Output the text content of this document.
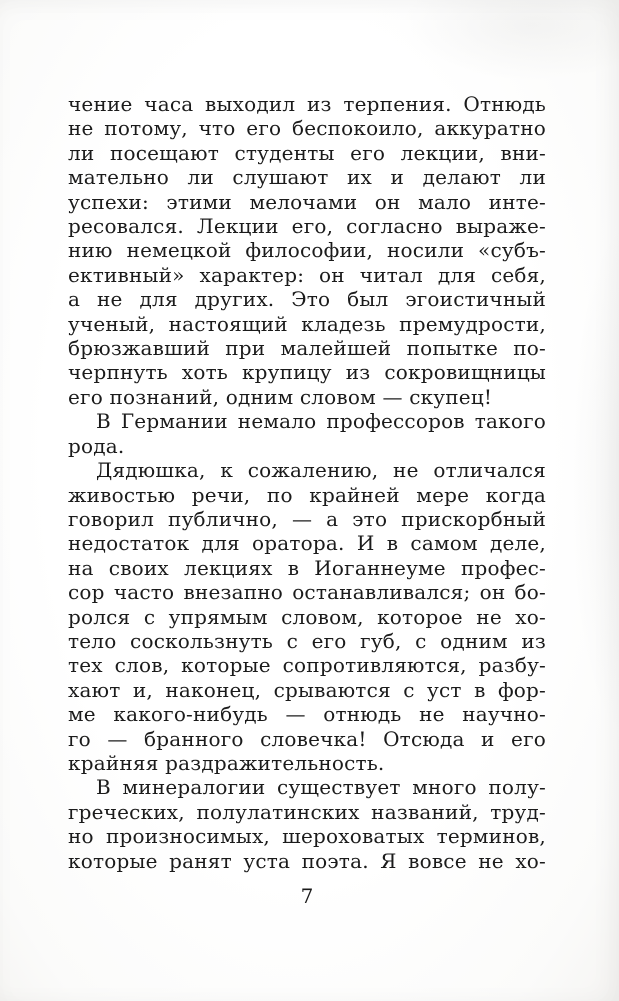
чение часа выходил из терпения. Отнюдь
не потому, что его беспокоило, аккуратно
ли посещают студенты его лекции, вни-
мательно ли слушают их и делают ли
успехи: этими мелочами он мало инте-
ресовался. Лекции его, согласно выраже-
нию немецкой философии, носили «субъ-
ективный» характер: он читал для себя,
а не для других. Это был эгоистичный
ученый, настоящий кладезь премудрости,
брюзжавший при малейшей попытке по-
черпнуть хоть крупицу из сокровищницы
его познаний, одним словом — скупец!
В Германии немало профессоров такого
рода.
Дядюшка, к сожалению, не отличался
живостью речи, по крайней мере когда
говорил публично, — а это прискорбный
недостаток для оратора. И в самом деле,
на своих лекциях в Иоганнеуме профес-
сор часто внезапно останавливался; он бо-
ролся с упрямым словом, которое не хо-
тело соскользнуть с его губ, с одним из
тех слов, которые сопротивляются, разбу-
хают и, наконец, срываются с уст в фор-
ме какого-нибудь — отнюдь не научно-
го — бранного словечка! Отсюда и его
крайняя раздражительность.
В минералогии существует много полу-
греческих, полулатинских названий, труд-
но произносимых, шероховатых терминов,
которые ранят уста поэта. Я вовсе не хо-
7
